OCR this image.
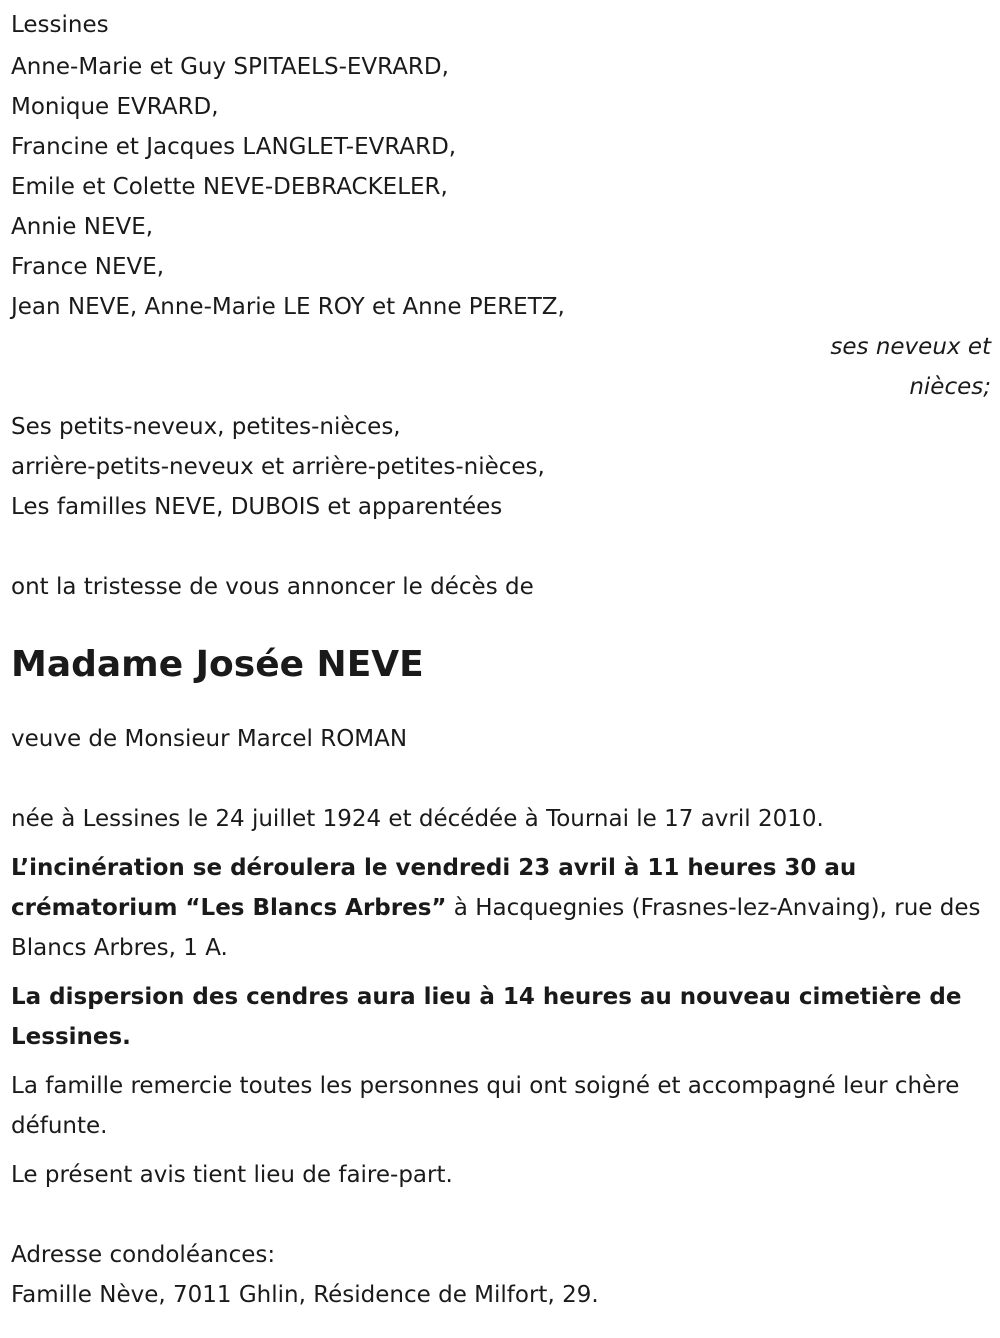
Lessines
Anne-Marie et Guy SPITAELS-EVRARD,
Monique EVRARD,
Francine et Jacques LANGLET-EVRARD,
Emile et Colette NEVE-DEBRACKELER,
Annie NEVE,
France NEVE,
Jean NEVE, Anne-Marie LE ROY et Anne PERETZ,
ses neveux et
nièces;
Ses petits-neveux, petites-nièces,
arrière-petits-neveux et arrière-petites-nièces,
Les familles NEVE, DUBOIS et apparentées
ont la tristesse de vous annoncer le décès de
Madame Josée NEVE
veuve de Monsieur Marcel ROMAN
née à Lessines le 24 juillet 1924 et décédée à Tournai le 17 avril 2010.

L’incinération se déroulera le vendredi 23 avril à 11 heures 30 au crématorium “Les Blancs Arbres” à Hacquegnies (Frasnes-lez-Anvaing), rue des Blancs Arbres, 1 A.

La dispersion des cendres aura lieu à 14 heures au nouveau cimetière de Lessines.

La famille remercie toutes les personnes qui ont soigné et accompagné leur chère défunte.

Le présent avis tient lieu de faire-part.

Adresse condoléances:
Famille Nève, 7011 Ghlin, Résidence de Milfort, 29.
